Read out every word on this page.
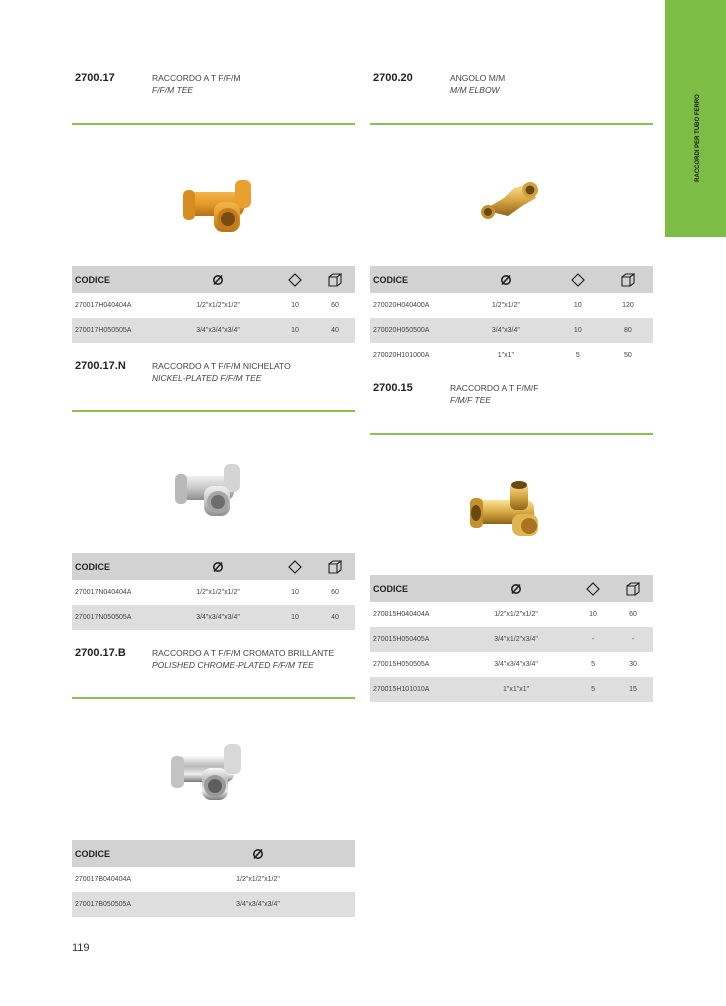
RACCORDI PER TUBO FERRO
2700.17	RACCORDO A T F/F/M
F/F/M TEE
CODICE			
270017H040404A	1/2"x1/2"x1/2"	10	60
270017H050505A	3/4"x3/4"x3/4"	10	40
2700.17.N	RACCORDO A T F/F/M NICHELATO
NICKEL-PLATED F/F/M TEE
CODICE			
270017N040404A	1/2"x1/2"x1/2"	10	60
270017N050505A	3/4"x3/4"x3/4"	10	40
2700.17.B	RACCORDO A T F/F/M CROMATO BRILLANTE
POLISHED CHROME-PLATED F/F/M TEE
CODICE	
270017B040404A	1/2"x1/2"x1/2"
270017B050505A	3/4"x3/4"x3/4"
2700.20	ANGOLO M/M
M/M ELBOW
CODICE			
270020H040400A	1/2"x1/2"	10	120
270020H050500A	3/4"x3/4"	10	80
270020H101000A	1"x1"	5	50
2700.15	RACCORDO A T F/M/F
F/M/F TEE
CODICE			
270015H040404A	1/2"x1/2"x1/2"	10	60
270015H050405A	3/4"x1/2"x3/4"	-	-
270015H050505A	3/4"x3/4"x3/4"	5	30
270015H101010A	1"x1"x1"	5	15
119
